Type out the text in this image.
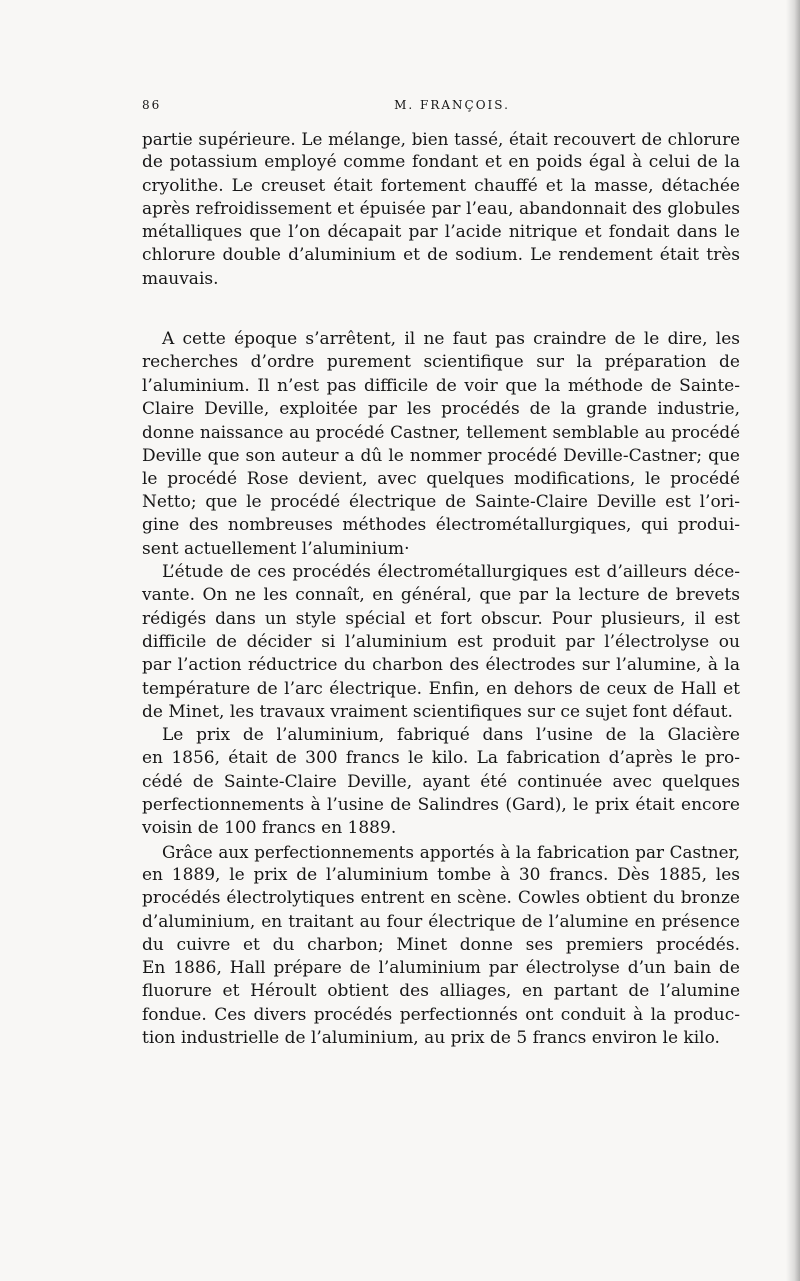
86	M. FRANÇOIS.
partie supérieure. Le mélange, bien tassé, était recouvert de chlorure
de potassium employé comme fondant et en poids égal à celui de la
cryolithe. Le creuset était fortement chauffé et la masse, détachée
après refroidissement et épuisée par l’eau, abandonnait des globules
métalliques que l’on décapait par l’acide nitrique et fondait dans le
chlorure double d’aluminium et de sodium. Le rendement était très
mauvais.
A cette époque s’arrêtent, il ne faut pas craindre de le dire, les
recherches d’ordre purement scientifique sur la préparation de
l’aluminium. Il n’est pas difficile de voir que la méthode de Sainte-
Claire Deville, exploitée par les procédés de la grande industrie,
donne naissance au procédé Castner, tellement semblable au procédé
Deville que son auteur a dû le nommer procédé Deville-Castner; que
le procédé Rose devient, avec quelques modifications, le procédé
Netto; que le procédé électrique de Sainte-Claire Deville est l’ori-
gine des nombreuses méthodes électrométallurgiques, qui produi-
sent actuellement l’aluminium·
L’étude de ces procédés électrométallurgiques est d’ailleurs déce-
vante. On ne les connaît, en général, que par la lecture de brevets
rédigés dans un style spécial et fort obscur. Pour plusieurs, il est
difficile de décider si l’aluminium est produit par l’électrolyse ou
par l’action réductrice du charbon des électrodes sur l’alumine, à la
température de l’arc électrique. Enfin, en dehors de ceux de Hall et
de Minet, les travaux vraiment scientifiques sur ce sujet font défaut.
Le prix de l’aluminium, fabriqué dans l’usine de la Glacière
en 1856, était de 300 francs le kilo. La fabrication d’après le pro-
cédé de Sainte-Claire Deville, ayant été continuée avec quelques
perfectionnements à l’usine de Salindres (Gard), le prix était encore
voisin de 100 francs en 1889.
Grâce aux perfectionnements apportés à la fabrication par Castner,
en 1889, le prix de l’aluminium tombe à 30 francs. Dès 1885, les
procédés électrolytiques entrent en scène. Cowles obtient du bronze
d’aluminium, en traitant au four électrique de l’alumine en présence
du cuivre et du charbon; Minet donne ses premiers procédés.
En 1886, Hall prépare de l’aluminium par électrolyse d’un bain de
fluorure et Héroult obtient des alliages, en partant de l’alumine
fondue. Ces divers procédés perfectionnés ont conduit à la produc-
tion industrielle de l’aluminium, au prix de 5 francs environ le kilo.
